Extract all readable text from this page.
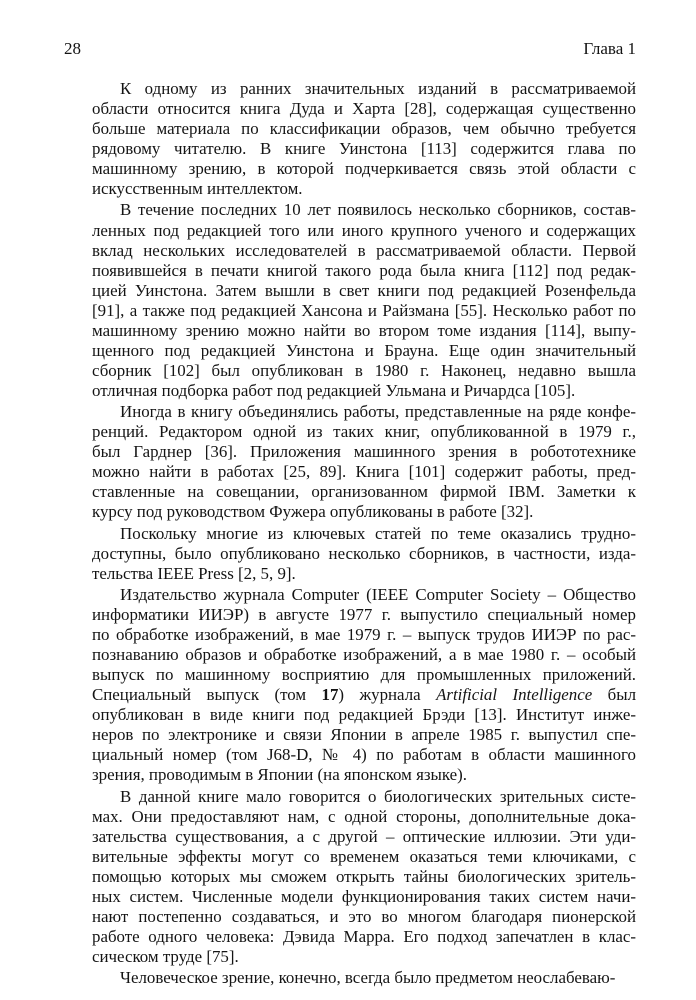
28	Глава 1
К одному из ранних значительных изданий в рассматриваемой
области относится книга Дуда и Харта [28], содержащая существенно
больше материала по классификации образов, чем обычно требуется
рядовому читателю. В книге Уинстона [113] содержится глава по
машинному зрению, в которой подчеркивается связь этой области с
искусственным интеллектом.
В течение последних 10 лет появилось несколько сборников, состав-
ленных под редакцией того или иного крупного ученого и содержащих
вклад нескольких исследователей в рассматриваемой области. Первой
появившейся в печати книгой такого рода была книга [112] под редак-
цией Уинстона. Затем вышли в свет книги под редакцией Розенфельда
[91], а также под редакцией Хансона и Райзмана [55]. Несколько работ по
машинному зрению можно найти во втором томе издания [114], выпу-
щенного под редакцией Уинстона и Брауна. Еще один значительный
сборник [102] был опубликован в 1980 г. Наконец, недавно вышла
отличная подборка работ под редакцией Ульмана и Ричардса [105].
Иногда в книгу объединялись работы, представленные на ряде конфе-
ренций. Редактором одной из таких книг, опубликованной в 1979 г.,
был Гарднер [36]. Приложения машинного зрения в робототехнике
можно найти в работах [25, 89]. Книга [101] содержит работы, пред-
ставленные на совещании, организованном фирмой IBM. Заметки к
курсу под руководством Фужера опубликованы в работе [32].
Поскольку многие из ключевых статей по теме оказались трудно-
доступны, было опубликовано несколько сборников, в частности, изда-
тельства IEEE Press [2, 5, 9].
Издательство журнала Computer (IEEE Computer Society – Общество
информатики ИИЭР) в августе 1977 г. выпустило специальный номер
по обработке изображений, в мае 1979 г. – выпуск трудов ИИЭР по рас-
познаванию образов и обработке изображений, а в мае 1980 г. – особый
выпуск по машинному восприятию для промышленных приложений.
Специальный выпуск (том 17) журнала Artificial Intelligence был
опубликован в виде книги под редакцией Брэди [13]. Институт инже-
неров по электронике и связи Японии в апреле 1985 г. выпустил спе-
циальный номер (том J68-D, № 4) по работам в области машинного
зрения, проводимым в Японии (на японском языке).
В данной книге мало говорится о биологических зрительных систе-
мах. Они предоставляют нам, с одной стороны, дополнительные дока-
зательства существования, а с другой – оптические иллюзии. Эти уди-
вительные эффекты могут со временем оказаться теми ключиками, с
помощью которых мы сможем открыть тайны биологических зритель-
ных систем. Численные модели функционирования таких систем начи-
нают постепенно создаваться, и это во многом благодаря пионерской
работе одного человека: Дэвида Марра. Его подход запечатлен в клас-
сическом труде [75].
Человеческое зрение, конечно, всегда было предметом неослабеваю-
